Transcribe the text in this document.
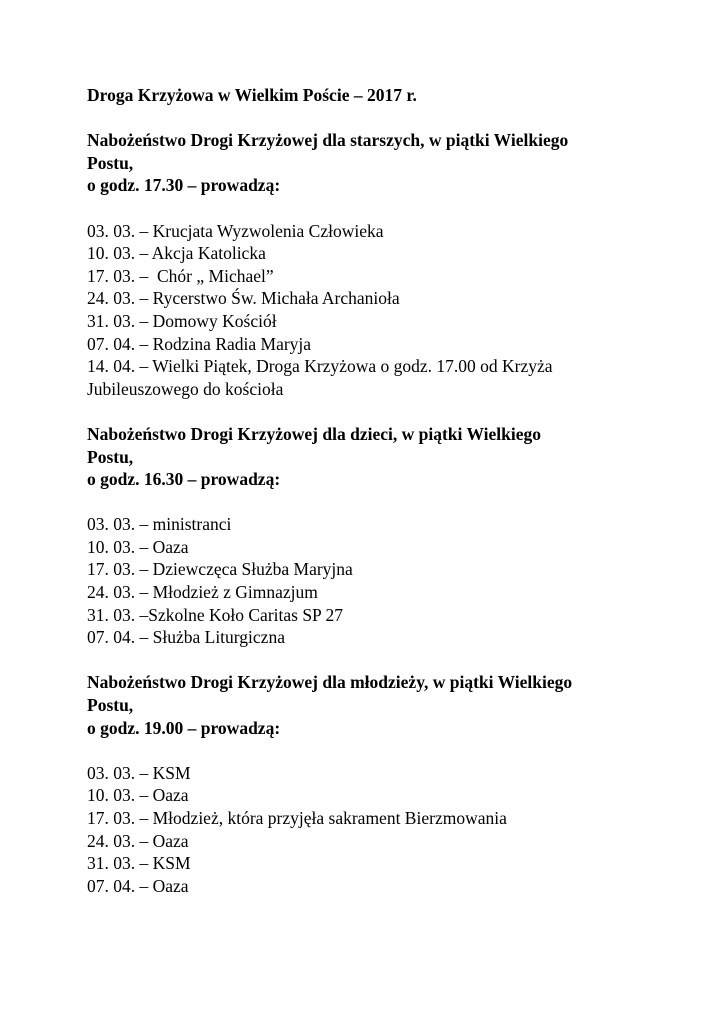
Droga Krzyżowa w Wielkim Poście – 2017 r.

Nabożeństwo Drogi Krzyżowej dla starszych, w piątki Wielkiego

Postu,

o godz. 17.30 – prowadzą:

03. 03. – Krucjata Wyzwolenia Człowieka

10. 03. – Akcja Katolicka

17. 03. –  Chór „ Michael”

24. 03. – Rycerstwo Św. Michała Archanioła

31. 03. – Domowy Kościół

07. 04. – Rodzina Radia Maryja

14. 04. – Wielki Piątek, Droga Krzyżowa o godz. 17.00 od Krzyża

Jubileuszowego do kościoła

Nabożeństwo Drogi Krzyżowej dla dzieci, w piątki Wielkiego

Postu,

o godz. 16.30 – prowadzą:

03. 03. – ministranci

10. 03. – Oaza

17. 03. – Dziewczęca Służba Maryjna

24. 03. – Młodzież z Gimnazjum

31. 03. –Szkolne Koło Caritas SP 27

07. 04. – Służba Liturgiczna

Nabożeństwo Drogi Krzyżowej dla młodzieży, w piątki Wielkiego

Postu,

o godz. 19.00 – prowadzą:

03. 03. – KSM

10. 03. – Oaza

17. 03. – Młodzież, która przyjęła sakrament Bierzmowania

24. 03. – Oaza

31. 03. – KSM

07. 04. – Oaza
